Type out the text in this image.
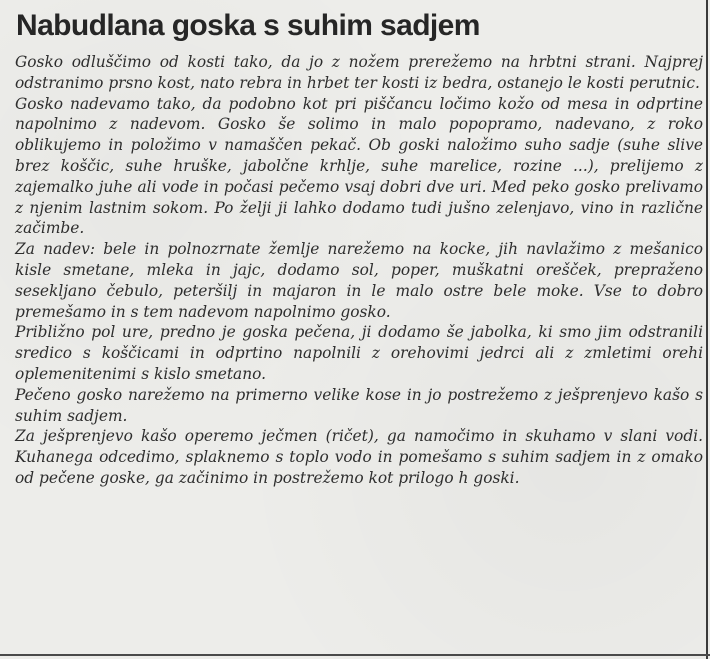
Nabudlana goska s suhim sadjem

Gosko odluščimo od kosti tako, da jo z nožem prerežemo na hrbtni strani. Najprej odstranimo prsno kost, nato rebra in hrbet ter kosti iz bedra, ostanejo le kosti perutnic.

Gosko nadevamo tako, da podobno kot pri piščancu ločimo kožo od mesa in odprtine napolnimo z nadevom. Gosko še solimo in malo popopramo, nadevano, z roko oblikujemo in položimo v namaščen pekač. Ob goski naložimo suho sadje (suhe slive brez koščic, suhe hruške, jabolčne krhlje, suhe marelice, rozine ...), prelijemo z zajemalko juhe ali vode in počasi pečemo vsaj dobri dve uri. Med peko gosko prelivamo z njenim lastnim sokom. Po želji ji lahko dodamo tudi jušno zelenjavo, vino in različne začimbe.

Za nadev: bele in polnozrnate žemlje narežemo na kocke, jih navlažimo z mešanico kisle smetane, mleka in jajc, dodamo sol, poper, muškatni orešček, prepraženo sesekljano čebulo, peteršilj in majaron in le malo ostre bele moke. Vse to dobro premešamo in s tem nadevom napolnimo gosko.

Približno pol ure, predno je goska pečena, ji dodamo še jabolka, ki smo jim odstranili sredico s koščicami in odprtino napolnili z orehovimi jedrci ali z zmletimi orehi oplemenitenimi s kislo smetano.

Pečeno gosko narežemo na primerno velike kose in jo postrežemo z ješprenjevo kašo s suhim sadjem.

Za ješprenjevo kašo operemo ječmen (ričet), ga namočimo in skuhamo v slani vodi. Kuhanega odcedimo, splaknemo s toplo vodo in pomešamo s suhim sadjem in z omako od pečene goske, ga začinimo in postrežemo kot prilogo h goski.
